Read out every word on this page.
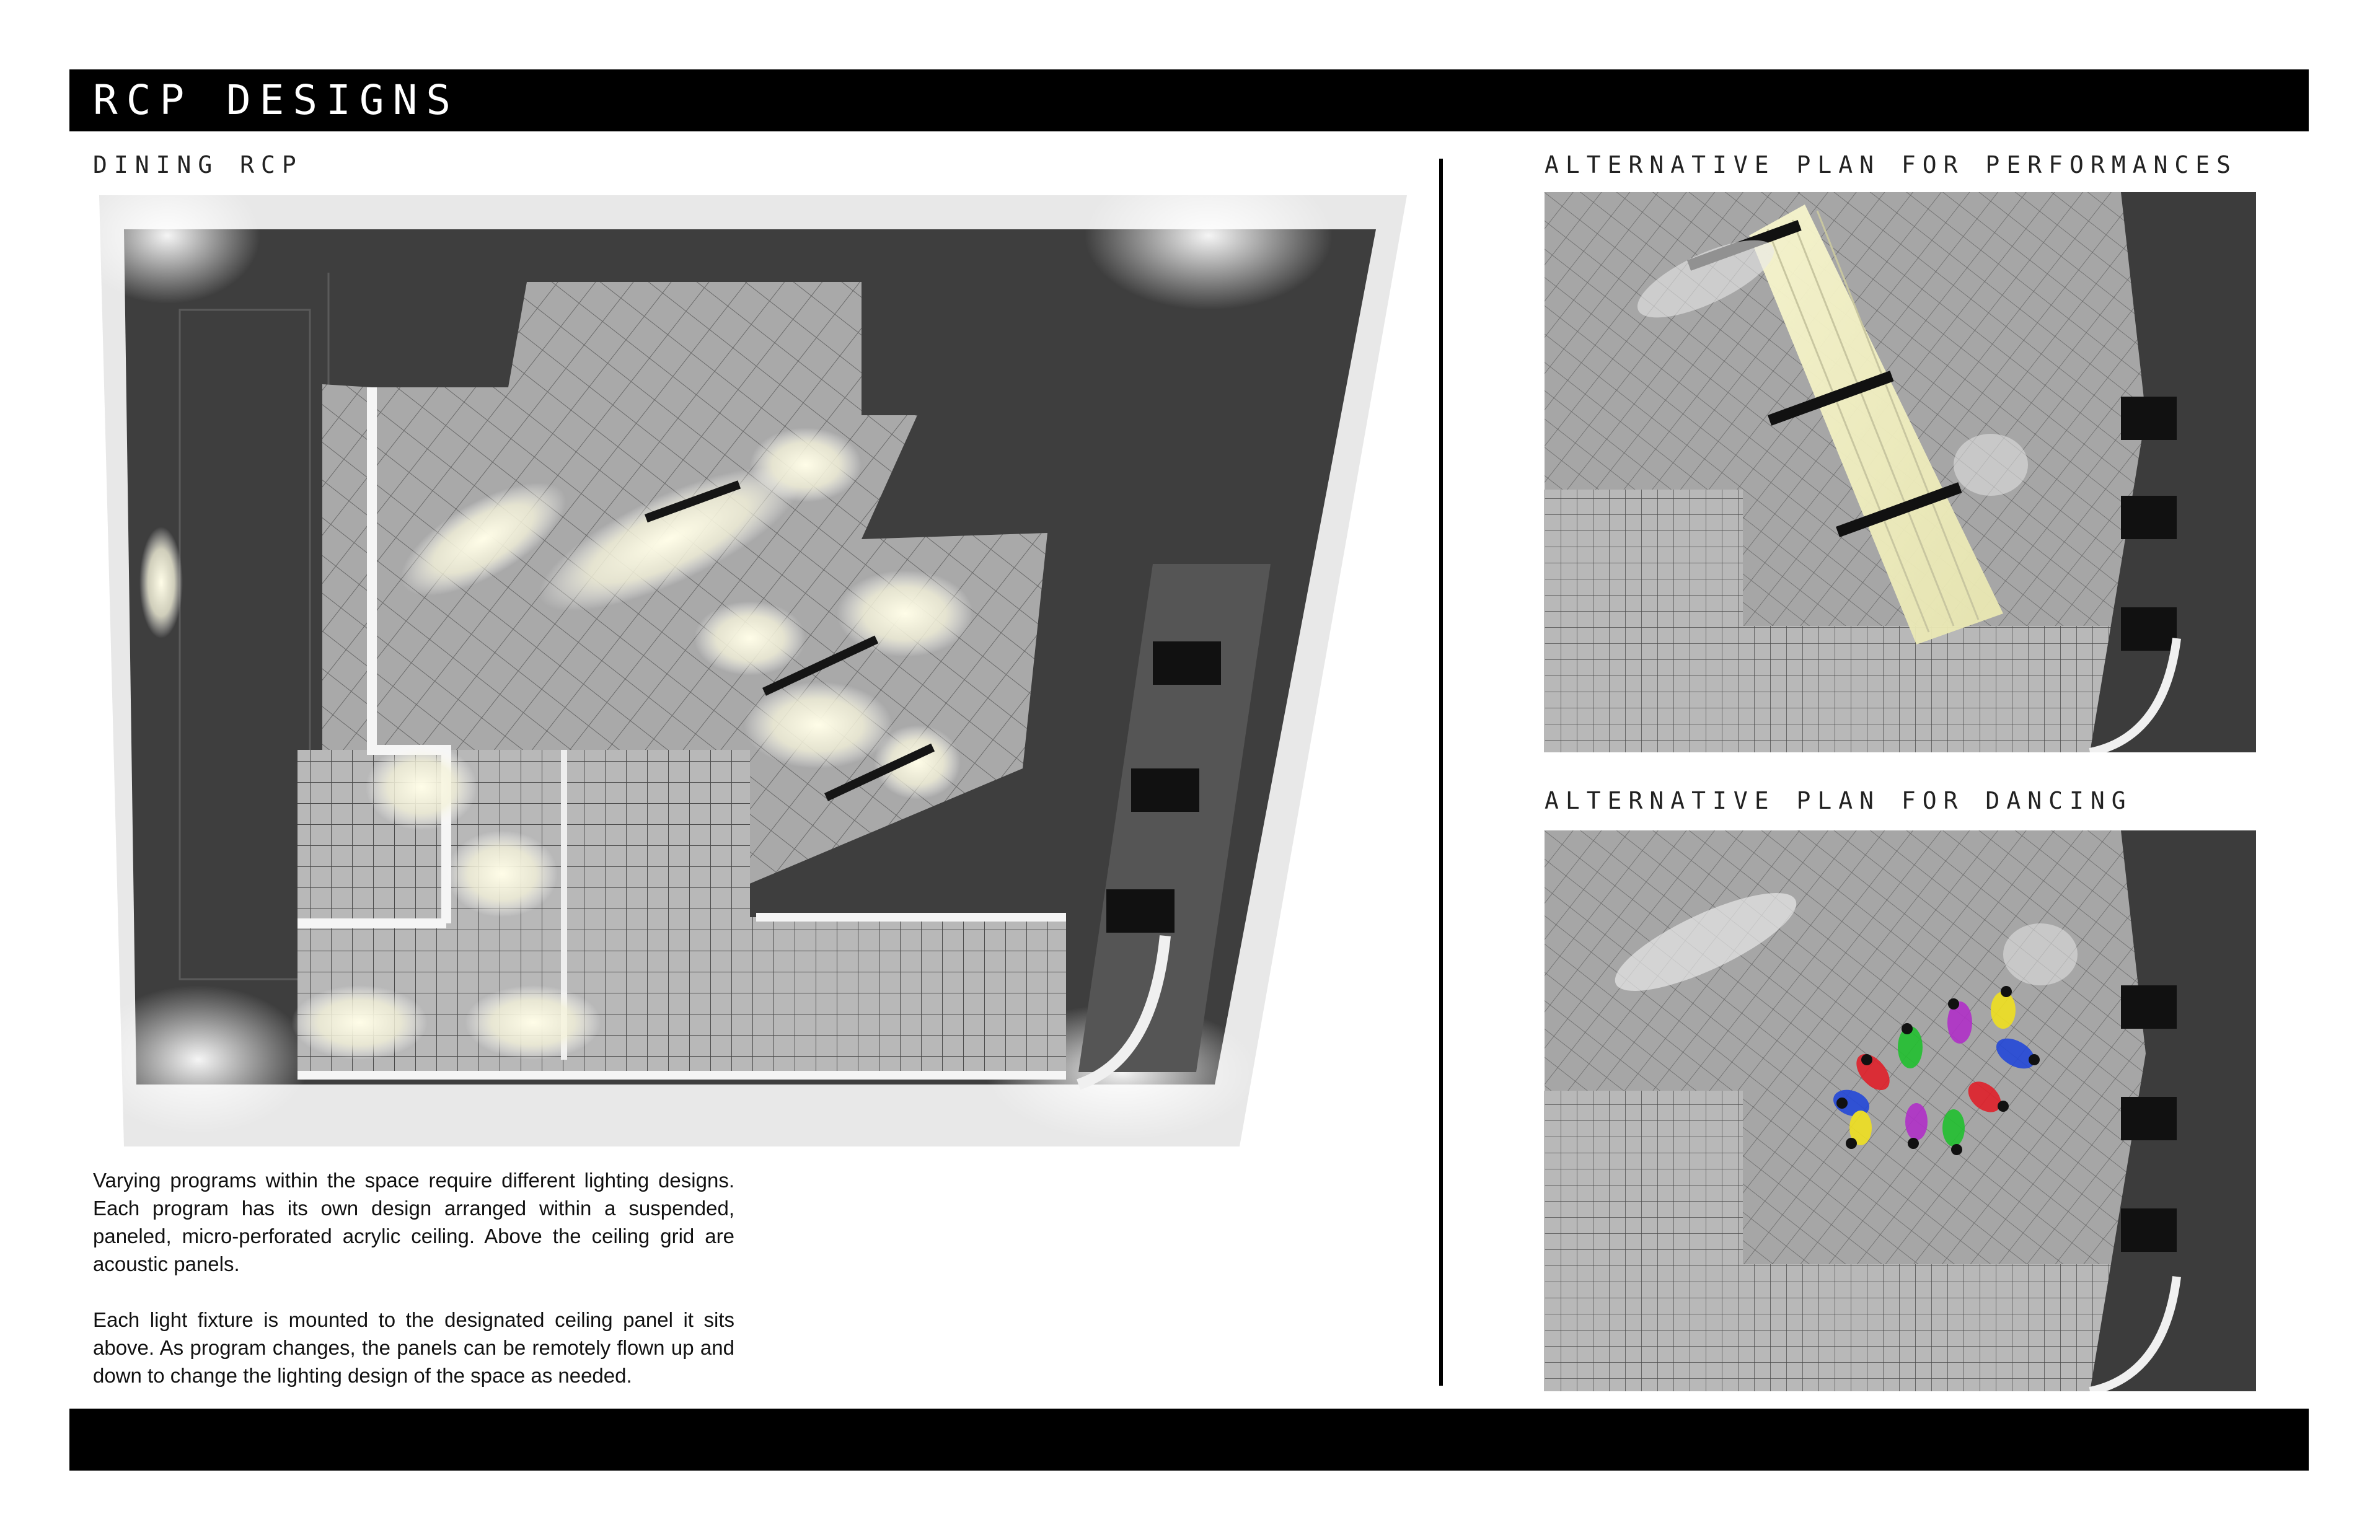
RCP DESIGNS
DINING RCP	ALTERNATIVE PLAN FOR PERFORMANCES
ALTERNATIVE PLAN FOR DANCING

Varying programs within the space require different lighting designs. Each program has its own design arranged within a suspended, paneled, micro-perforated acrylic ceiling. Above the ceiling grid are acoustic panels.

Each light fixture is mounted to the designated ceiling panel it sits above. As program changes, the panels can be remotely flown up and down to change the lighting design of the space as needed.
